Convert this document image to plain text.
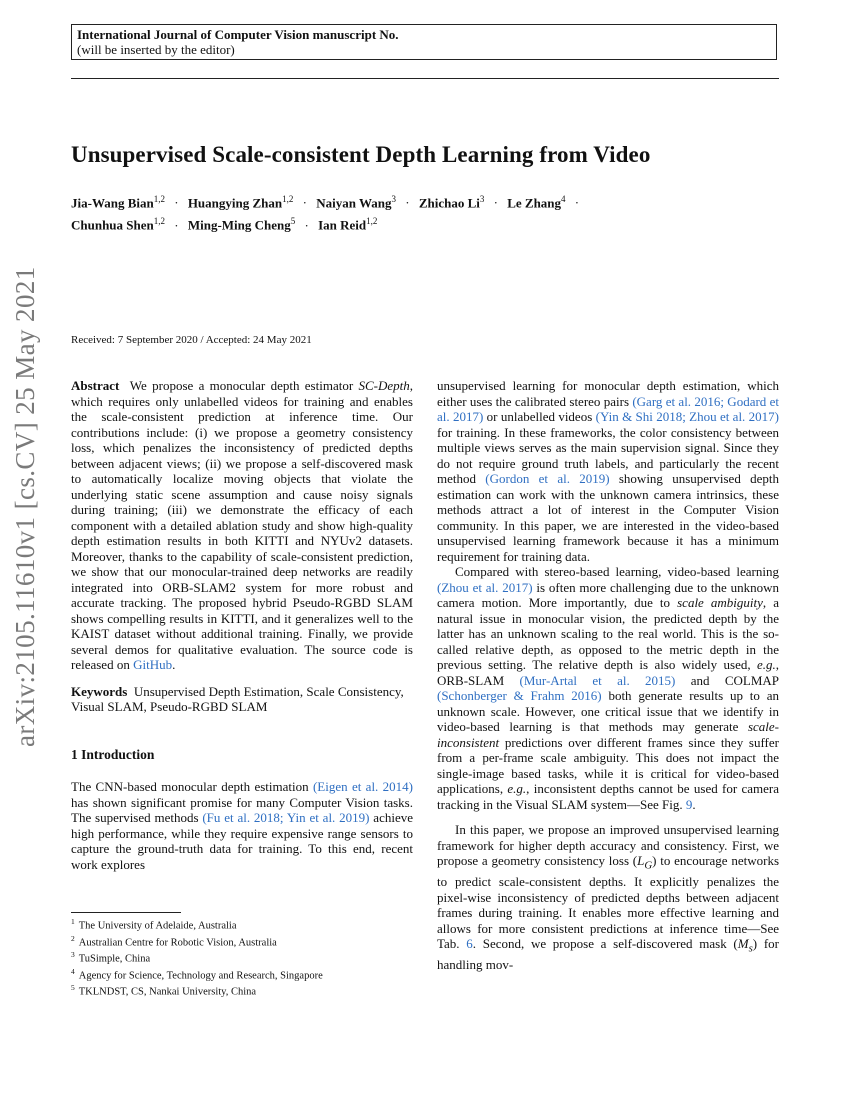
International Journal of Computer Vision manuscript No.
(will be inserted by the editor)
arXiv:2105.11610v1 [cs.CV] 25 May 2021
Unsupervised Scale-consistent Depth Learning from Video
Jia-Wang Bian$^{1,2}$ · Huangying Zhan$^{1,2}$ · Naiyan Wang$^3$ · Zhichao $Li^3 \cdot Le$ Zhang$^4$ · Chunhua Shen$^{1,2}$ · Ming-Ming Cheng$^5$ · Ian Reid$^{1,2}$
Received: 7 September 2020 / Accepted: 24 May 2021

Abstract We propose a monocular depth estimator SC-Depth, which requires only unlabelled videos for training and enables the scale-consistent prediction at inference time. Our contributions include: (i) we propose a geometry consistency loss, which penalizes the inconsistency of predicted depths between adjacent views; (ii) we propose a self-discovered mask to automatically localize moving objects that violate the underlying static scene assumption and cause noisy signals during training; (iii) we demonstrate the efficacy of each component with a detailed ablation study and show high-quality depth estimation results in both KITTI and NYUv2 datasets. Moreover, thanks to the capability of scale-consistent prediction, we show that our monocular-trained deep networks are readily integrated into ORB-SLAM2 system for more robust and accurate tracking. The proposed hybrid Pseudo-RGBD SLAM shows compelling results in KITTI, and it generalizes well to the KAIST dataset without additional training. Finally, we provide several demos for qualitative evaluation. The source code is released on GitHub.

Keywords Unsupervised Depth Estimation, Scale Consistency, Visual SLAM, Pseudo-RGBD SLAM

1 Introduction

The CNN-based monocular depth estimation (Eigen et al. 2014) has shown significant promise for many Computer Vision tasks. The supervised methods (Fu et al. 2018; Yin et al. 2019) achieve high performance, while they require expensive range sensors to capture the ground-truth data for training. To this end, recent work explores

$^1$ The University of Adelaide, Australia
$^2$ Australian Centre for Robotic Vision, Australia
$^3$ TuSimple, China
$^4$ Agency for Science, Technology and Research, Singapore
$^5$ TKLNDST, CS, Nankai University, China

unsupervised learning for monocular depth estimation, which either uses the calibrated stereo pairs (Garg et al. 2016; Godard et al. 2017) or unlabelled videos (Yin & Shi 2018; Zhou et al. 2017) for training. In these frameworks, the color consistency between multiple views serves as the main supervision signal. Since they do not require ground truth labels, and particularly the recent method (Gordon et al. 2019) showing unsupervised depth estimation can work with the unknown camera intrinsics, these methods attract a lot of interest in the Computer Vision community. In this paper, we are interested in the video-based unsupervised learning framework because it has a minimum requirement for training data.

Compared with stereo-based learning, video-based learning (Zhou et al. 2017) is often more challenging due to the unknown camera motion. More importantly, due to scale ambiguity, a natural issue in monocular vision, the predicted depth by the latter has an unknown scaling to the real world. This is the so-called relative depth, as opposed to the metric depth in the previous setting. The relative depth is also widely used, e.g., ORB-SLAM (Mur-Artal et al. 2015) and COLMAP (Schonberger & Frahm 2016) both generate results up to an unknown scale. However, one critical issue that we identify in video-based learning is that methods may generate scale-inconsistent predictions over different frames since they suffer from a per-frame scale ambiguity. This does not impact the single-image based tasks, while it is critical for video-based applications, e.g., inconsistent depths cannot be used for camera tracking in the Visual SLAM system—See Fig. 9.

In this paper, we propose an improved unsupervised learning framework for higher depth accuracy and consistency. First, we propose a geometry consistency loss $(L_G)$ to encourage networks to predict scale-consistent depths. It explicitly penalizes the pixel-wise inconsistency of predicted depths between adjacent frames during training. It enables more effective learning and allows for more consistent predictions at inference time—See Tab. 6. Second, we propose a self-discovered mask $(M_s)$ for handling mov-
